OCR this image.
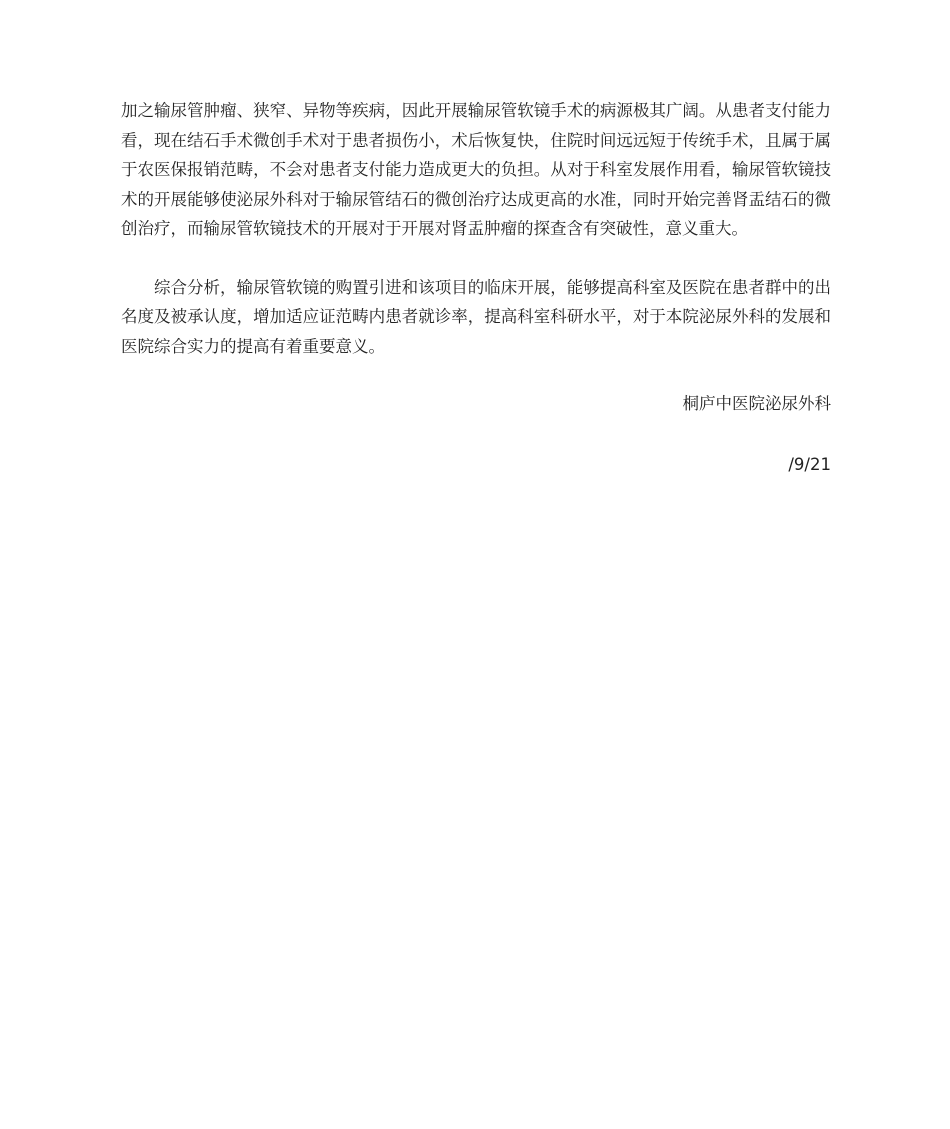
加之输尿管肿瘤、狭窄、异物等疾病，因此开展输尿管软镜手术的病源极其广阔。从患者支付能力看，现在结石手术微创手术对于患者损伤小，术后恢复快，住院时间远远短于传统手术，且属于属于农医保报销范畴，不会对患者支付能力造成更大的负担。从对于科室发展作用看，输尿管软镜技术的开展能够使泌尿外科对于输尿管结石的微创治疗达成更高的水准，同时开始完善肾盂结石的微创治疗，而输尿管软镜技术的开展对于开展对肾盂肿瘤的探查含有突破性，意义重大。

综合分析，输尿管软镜的购置引进和该项目的临床开展，能够提高科室及医院在患者群中的出名度及被承认度，增加适应证范畴内患者就诊率，提高科室科研水平，对于本院泌尿外科的发展和医院综合实力的提高有着重要意义。

桐庐中医院泌尿外科

/9/21
